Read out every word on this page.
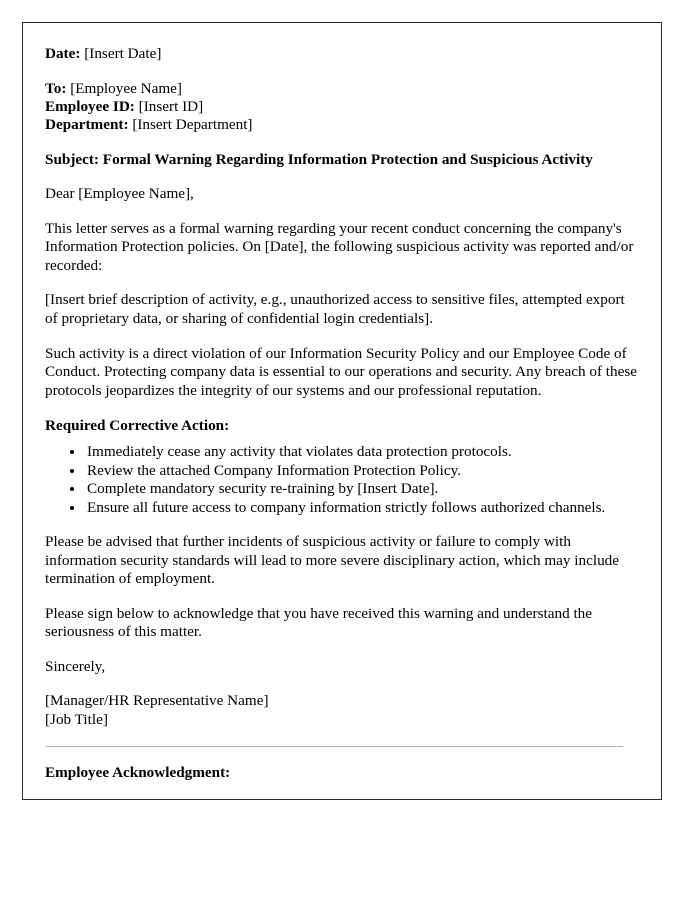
Date: [Insert Date]
To: [Employee Name]
Employee ID: [Insert ID]
Department: [Insert Department]
Subject: Formal Warning Regarding Information Protection and Suspicious Activity

Dear [Employee Name],

This letter serves as a formal warning regarding your recent conduct concerning the company's Information Protection policies. On [Date], the following suspicious activity was reported and/or recorded:

[Insert brief description of activity, e.g., unauthorized access to sensitive files, attempted export of proprietary data, or sharing of confidential login credentials].

Such activity is a direct violation of our Information Security Policy and our Employee Code of Conduct. Protecting company data is essential to our operations and security. Any breach of these protocols jeopardizes the integrity of our systems and our professional reputation.

Required Corrective Action:
• Immediately cease any activity that violates data protection protocols.
• Review the attached Company Information Protection Policy.
• Complete mandatory security re-training by [Insert Date].
• Ensure all future access to company information strictly follows authorized channels.

Please be advised that further incidents of suspicious activity or failure to comply with information security standards will lead to more severe disciplinary action, which may include termination of employment.

Please sign below to acknowledge that you have received this warning and understand the seriousness of this matter.

Sincerely,
[Manager/HR Representative Name]
[Job Title]
Employee Acknowledgment:
